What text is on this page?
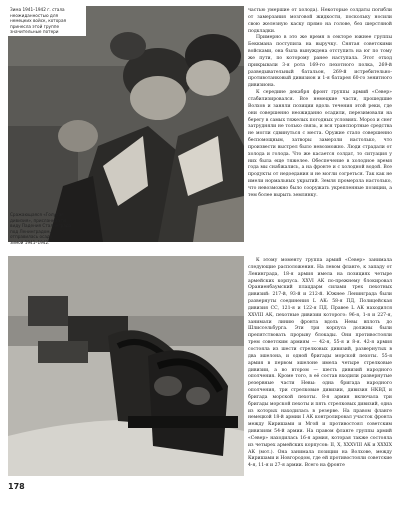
Зима 1941–1942 г. стала
неожиданностью для
немецких войск, которая
принесла этой группе
значительные потери
Сражающаяся «Голубая
дивизия», присланная по
виду Падения Сталинграда
под Ленинградом,
отправилась осаду
зимой 1941–1942.

частью умершие от холода). Некоторые солдаты погибли от замерзания мозговой жидкости, поскольку носили свою железную каску прямо на голове, без шерстяной подкладки.

Примерно в это же время в секторе южнее группы Беккмана поступила на выручку. Снятая советскими войсками, она была вынуждена отступить на юг по тому же пути, по которому ранее наступала. Этот отход прикрывали 3-я рота 169-го пехотного полка, 269-й разведывательный батальон, 269-й истребительно-противотанковый дивизион и 1-я батарея 60-го зенитного дивизиона.

К середине декабря фронт группы армий «Север» стабилизировался. Все немецкие части, прошедшие Волхов и заняли позиции вдоль течения этой реки, где они совершенно неожиданно осадили, перезимовали на берегу в самых тяжелых погодных условиях. Мороз и снег затрудняли не только связь, и вся транспортные средства не могли сдвинуться с места. Оружие стало совершенно беспомощным, затворы замерзли настолько, что произвести выстрел было невозможно. Люди страдали от холода и голода. Что же касается солдат, то ситуация у них была еще тяжелее. Обеспечение в холодное время года мы снабжались, а на фронте и с холодной водой. Все продукты от недоедания и не могли согреться. Так как не имели нормальных укрытий. Земля промерзла настолько, что невозможно было сооружать укрепленные позиции, а тем более вырыть землянку.

К этому моменту группа армий «Север» занимала следующие расположения. На левом фланге, к западу от Ленинграда, 18-я армия имела на позициях четыре армейских корпуса. XXVI АК по-прежнему блокировал Ораниенбаумский плацдарм силами трех пехотных дивизий: 217-й, 93-й и 212-й. Южнее Ленинграда были развернуты соединения L АК: 58-я ПД, Полицейская дивизия СС, 121-я и 122-я ПД. Правее L АК находился XXVIII АК, пехотные дивизии которого: 96-я, 1-я и 227-я, занимали линию фронта вдоль Невы вплоть до Шлиссельбурга. Эти три корпуса должны были препятствовать прорыву блокады. Они противостояли трем советским армиям — 42-я, 55-я и 8-я. 42-я армия состояла из шести стрелковых дивизий, развернутых в два эшелона, и одной бригады морской пехоты. 55-я армия в первом эшелоне имела четыре стрелковые дивизии, а во втором — шесть дивизий народного ополчения. Кроме того, в её состав входили развернутые резервные части Невы: одна бригада народного ополчения, три стрелковые дивизии, дивизия НКВД и бригада морской пехоты. 8-я армия включала три бригады морской пехоты и пять стрелковых дивизий, одна из которых находилась в резерве. На правом фланге немецкой 18-й армии I АК контролировал участок фронта между Киришами и Мгой и противостоял советским дивизиям 54-й армии. На правом фланге группы армий «Север» находилась 16-я армия, которая также состояла из четырех армейских корпусов: II, X, XXXVIII АК и XXXIX АК (мот.). Она занимала позиции на Волхове, между Киришами и Новгородом, где ей противостояли советские 4-я, 11-я и 27-я армии. Всего на фронте

178
